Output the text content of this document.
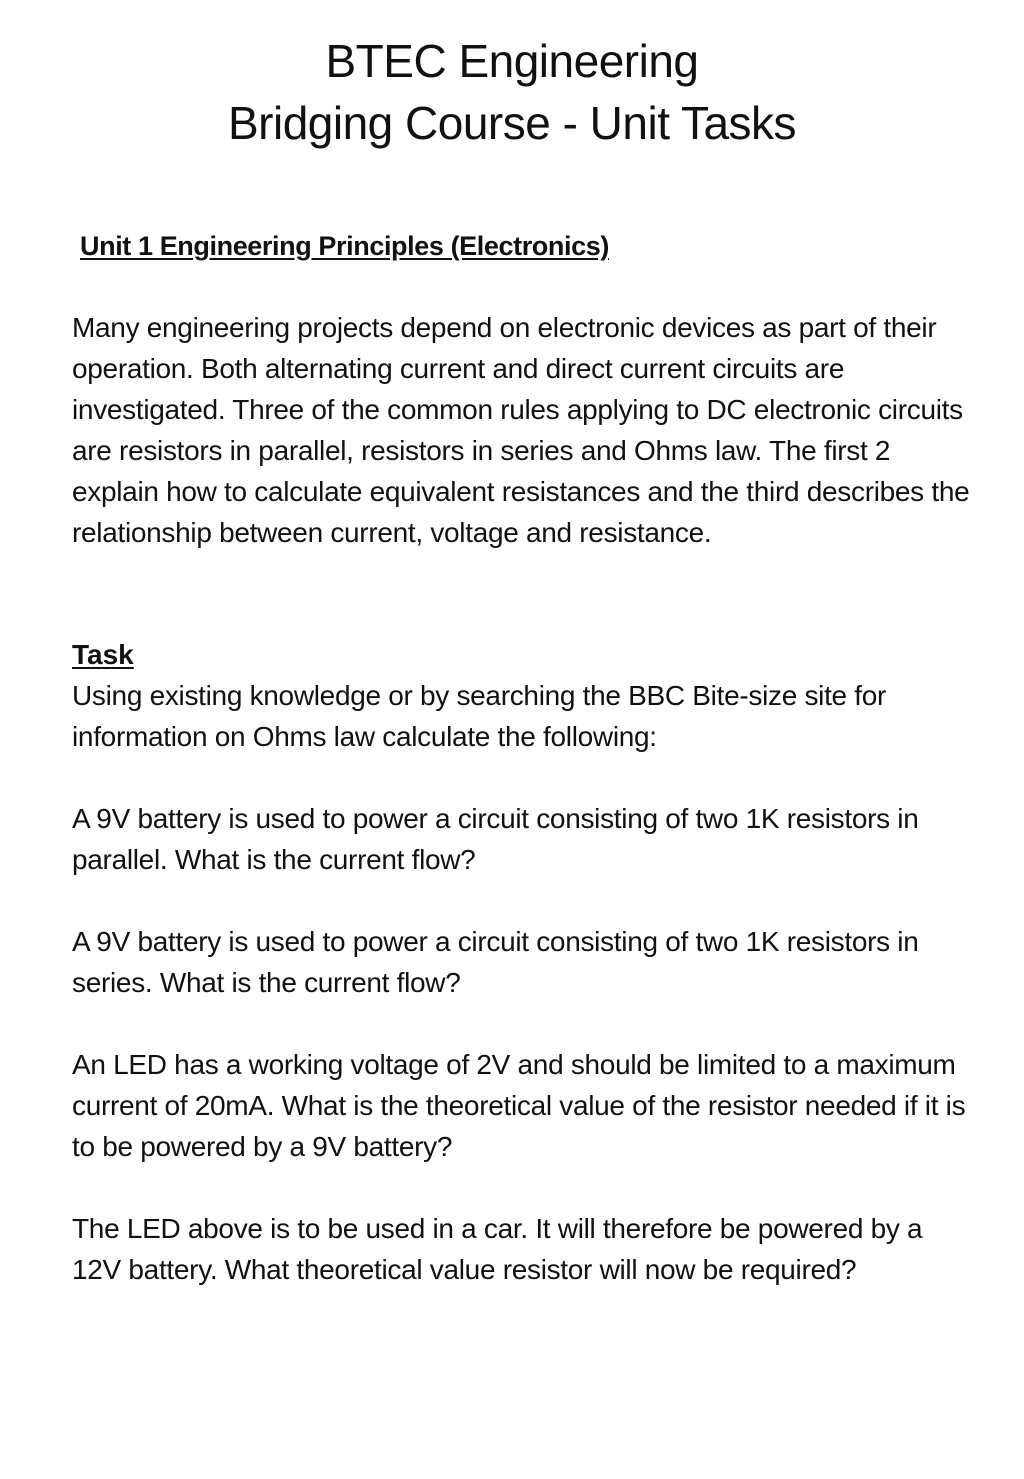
BTEC Engineering
Bridging Course - Unit Tasks
Unit 1 Engineering Principles (Electronics)

Many engineering projects depend on electronic devices as part of their operation. Both alternating current and direct current circuits are investigated. Three of the common rules applying to DC electronic circuits are resistors in parallel, resistors in series and Ohms law. The first 2 explain how to calculate equivalent resistances and the third describes the relationship between current, voltage and resistance.

Task

Using existing knowledge or by searching the BBC Bite-size site for information on Ohms law calculate the following:

A 9V battery is used to power a circuit consisting of two 1K resistors in parallel. What is the current flow?

A 9V battery is used to power a circuit consisting of two 1K resistors in series. What is the current flow?

An LED has a working voltage of 2V and should be limited to a maximum current of 20mA. What is the theoretical value of the resistor needed if it is to be powered by a 9V battery?

The LED above is to be used in a car. It will therefore be powered by a 12V battery. What theoretical value resistor will now be required?
